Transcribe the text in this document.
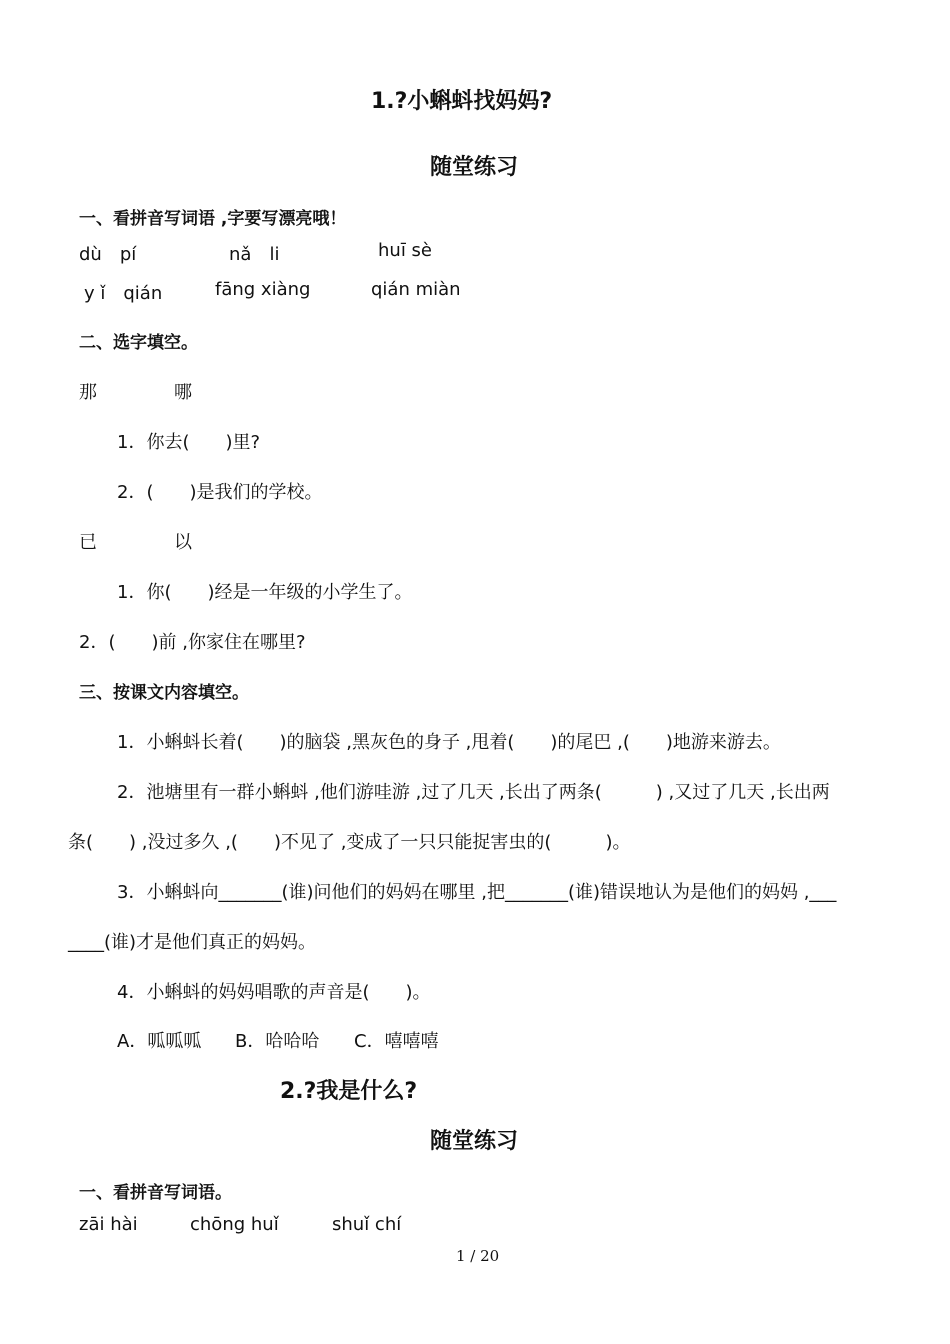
1.?小蝌蚪找妈妈?
随堂练习
一、看拼音写词语 ,字要写漂亮哦！
dù　pí	nǎ　li	huī sè
y ǐ　qián	fāng xiàng	qián miàn
二、选字填空。
那	哪
1．你去(　　)里?
2．(　　)是我们的学校。
已	以
1．你(　　)经是一年级的小学生了。
2．(　　)前 ,你家住在哪里?
三、按课文内容填空。
1．小蝌蚪长着(　　)的脑袋 ,黑灰色的身子 ,甩着(　　)的尾巴 ,(　　)地游来游去。
2．池塘里有一群小蝌蚪 ,他们游哇游 ,过了几天 ,长出了两条(　　　) ,又过了几天 ,长出两
条(　　) ,没过多久 ,(　　)不见了 ,变成了一只只能捉害虫的(　　　)。
3．小蝌蚪向_______(谁)问他们的妈妈在哪里 ,把_______(谁)错误地认为是他们的妈妈 ,___
____(谁)才是他们真正的妈妈。
4．小蝌蚪的妈妈唱歌的声音是(　　)。
A．呱呱呱 B．哈哈哈 C．嘻嘻嘻
2.?我是什么?
随堂练习
一、看拼音写词语。
zāi hài	chōng huǐ	shuǐ chí
1 / 20
